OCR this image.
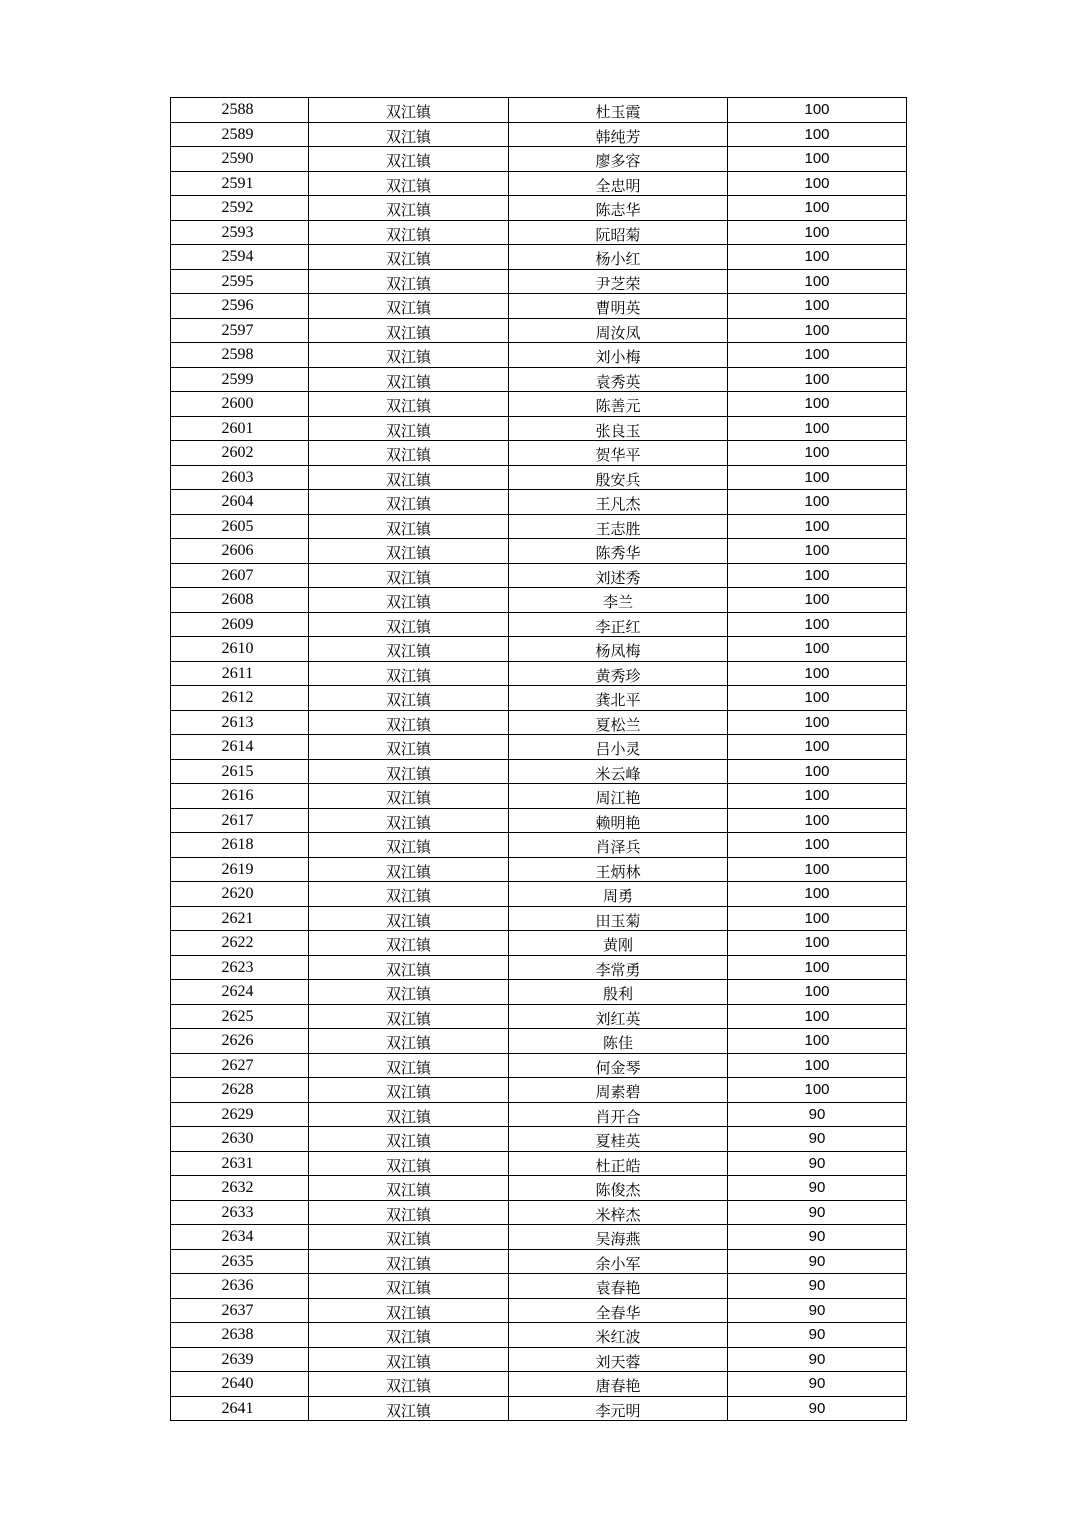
2588	双江镇	杜玉霞	100
2589	双江镇	韩纯芳	100
2590	双江镇	廖多容	100
2591	双江镇	全忠明	100
2592	双江镇	陈志华	100
2593	双江镇	阮昭菊	100
2594	双江镇	杨小红	100
2595	双江镇	尹芝荣	100
2596	双江镇	曹明英	100
2597	双江镇	周汝凤	100
2598	双江镇	刘小梅	100
2599	双江镇	袁秀英	100
2600	双江镇	陈善元	100
2601	双江镇	张良玉	100
2602	双江镇	贺华平	100
2603	双江镇	殷安兵	100
2604	双江镇	王凡杰	100
2605	双江镇	王志胜	100
2606	双江镇	陈秀华	100
2607	双江镇	刘述秀	100
2608	双江镇	李兰	100
2609	双江镇	李正红	100
2610	双江镇	杨凤梅	100
2611	双江镇	黄秀珍	100
2612	双江镇	龚北平	100
2613	双江镇	夏松兰	100
2614	双江镇	吕小灵	100
2615	双江镇	米云峰	100
2616	双江镇	周江艳	100
2617	双江镇	赖明艳	100
2618	双江镇	肖泽兵	100
2619	双江镇	王炳林	100
2620	双江镇	周勇	100
2621	双江镇	田玉菊	100
2622	双江镇	黄刚	100
2623	双江镇	李常勇	100
2624	双江镇	殷利	100
2625	双江镇	刘红英	100
2626	双江镇	陈佳	100
2627	双江镇	何金琴	100
2628	双江镇	周素碧	100
2629	双江镇	肖开合	90
2630	双江镇	夏桂英	90
2631	双江镇	杜正皓	90
2632	双江镇	陈俊杰	90
2633	双江镇	米梓杰	90
2634	双江镇	吴海燕	90
2635	双江镇	余小军	90
2636	双江镇	袁春艳	90
2637	双江镇	全春华	90
2638	双江镇	米红波	90
2639	双江镇	刘天蓉	90
2640	双江镇	唐春艳	90
2641	双江镇	李元明	90
